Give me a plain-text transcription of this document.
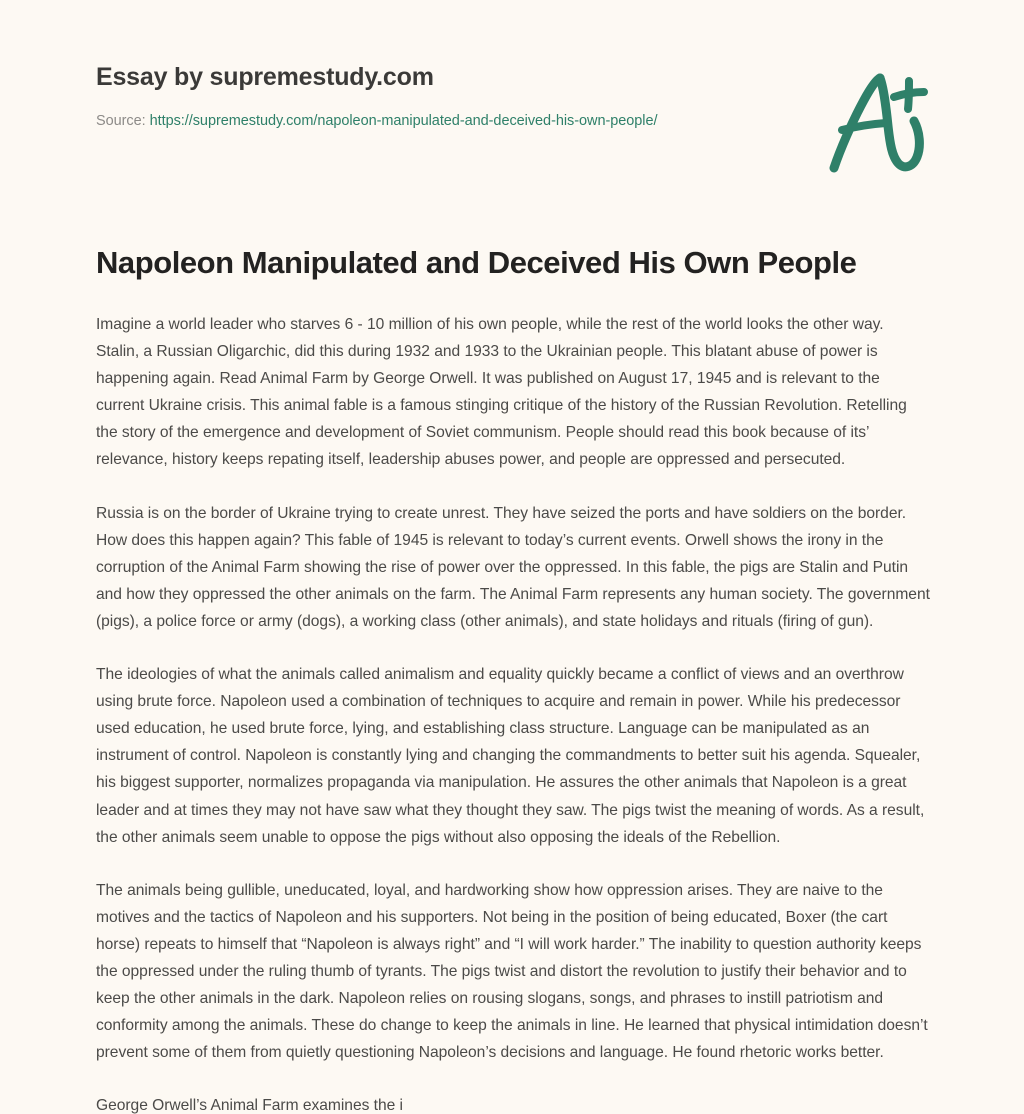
Essay by supremestudy.com
Source: https://supremestudy.com/napoleon-manipulated-and-deceived-his-own-people/
Napoleon Manipulated and Deceived His Own People

Imagine a world leader who starves 6 - 10 million of his own people, while the rest of the world looks the other way. Stalin, a Russian Oligarchic, did this during 1932 and 1933 to the Ukrainian people. This blatant abuse of power is happening again. Read Animal Farm by George Orwell. It was published on August 17, 1945 and is relevant to the current Ukraine crisis. This animal fable is a famous stinging critique of the history of the Russian Revolution. Retelling the story of the emergence and development of Soviet communism. People should read this book because of its’ relevance, history keeps repating itself, leadership abuses power, and people are oppressed and persecuted.

Russia is on the border of Ukraine trying to create unrest. They have seized the ports and have soldiers on the border. How does this happen again? This fable of 1945 is relevant to today’s current events. Orwell shows the irony in the corruption of the Animal Farm showing the rise of power over the oppressed. In this fable, the pigs are Stalin and Putin and how they oppressed the other animals on the farm. The Animal Farm represents any human society. The government (pigs), a police force or army (dogs), a working class (other animals), and state holidays and rituals (firing of gun).

The ideologies of what the animals called animalism and equality quickly became a conflict of views and an overthrow using brute force. Napoleon used a combination of techniques to acquire and remain in power. While his predecessor used education, he used brute force, lying, and establishing class structure. Language can be manipulated as an instrument of control. Napoleon is constantly lying and changing the commandments to better suit his agenda. Squealer, his biggest supporter, normalizes propaganda via manipulation. He assures the other animals that Napoleon is a great leader and at times they may not have saw what they thought they saw. The pigs twist the meaning of words. As a result, the other animals seem unable to oppose the pigs without also opposing the ideals of the Rebellion.

The animals being gullible, uneducated, loyal, and hardworking show how oppression arises. They are naive to the motives and the tactics of Napoleon and his supporters. Not being in the position of being educated, Boxer (the cart horse) repeats to himself that “Napoleon is always right” and “I will work harder.” The inability to question authority keeps the oppressed under the ruling thumb of tyrants. The pigs twist and distort the revolution to justify their behavior and to keep the other animals in the dark. Napoleon relies on rousing slogans, songs, and phrases to instill patriotism and conformity among the animals. These do change to keep the animals in line. He learned that physical intimidation doesn’t prevent some of them from quietly questioning Napoleon’s decisions and language. He found rhetoric works better.

George Orwell’s Animal Farm examines the i
